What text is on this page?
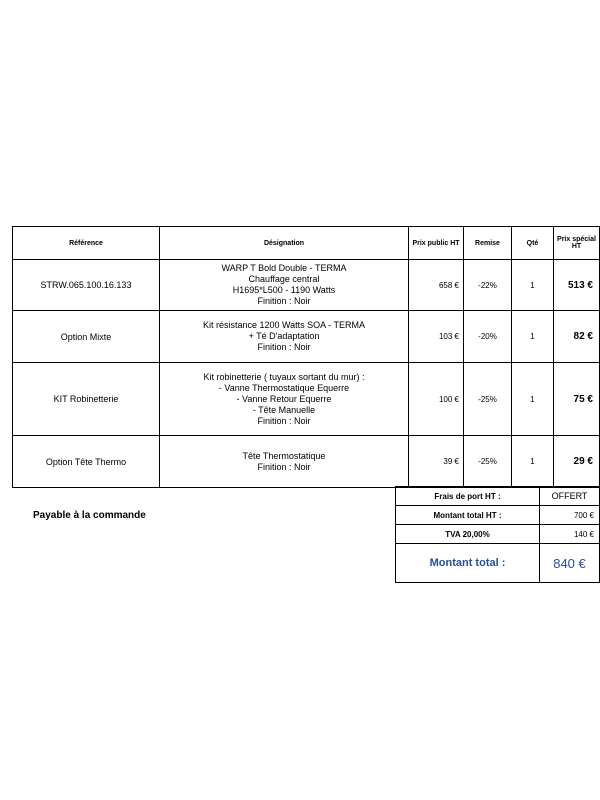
Référence	Désignation	Prix public HT	Remise	Qté	Prix spécial HT
STRW.065.100.16.133	WARP T Bold Double - TERMA
Chauffage central
H1695*L500 - 1190 Watts
Finition : Noir	658 €	-22%	1	513 €
Option Mixte	Kit résistance 1200 Watts SOA - TERMA
+ Té D'adaptation
Finition : Noir	103 €	-20%	1	82 €
KIT Robinetterie	Kit robinetterie ( tuyaux sortant du mur) :
- Vanne Thermostatique Equerre
- Vanne Retour Equerre
- Tête Manuelle
Finition : Noir	100 €	-25%	1	75 €
Option Tête Thermo	Tête Thermostatique
Finition : Noir	39 €	-25%	1	29 €
Payable à la commande
Frais de port HT :	OFFERT
Montant total HT :	700 €
TVA 20,00%	140 €
Montant total :	840 €
